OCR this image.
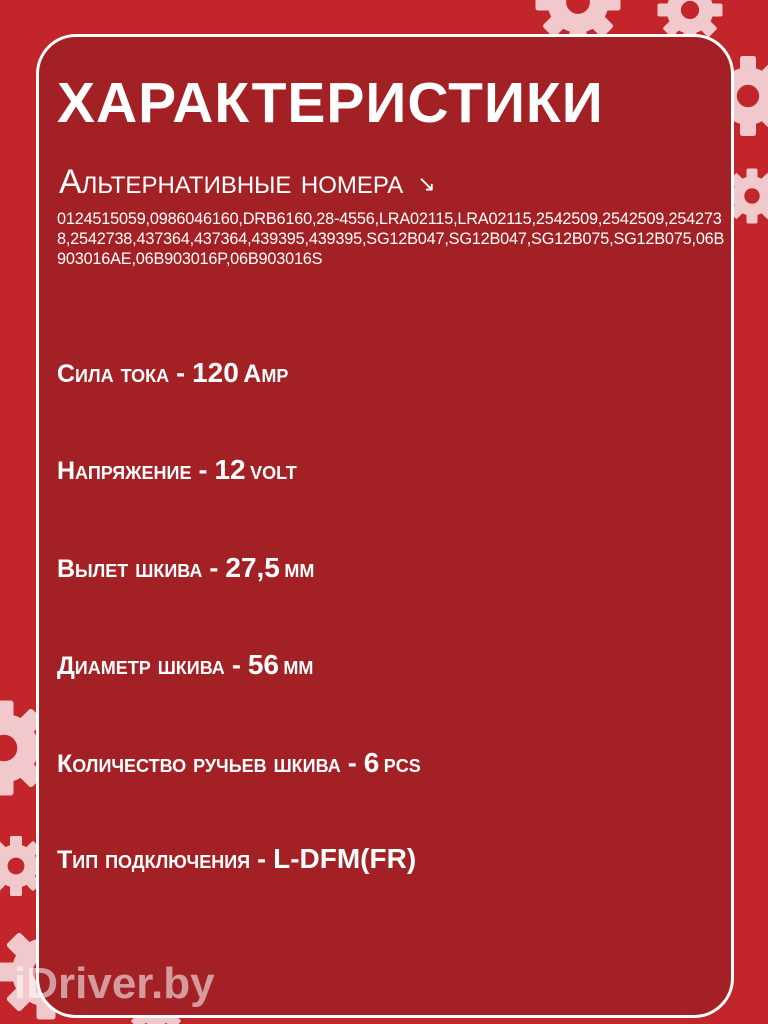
ХАРАКТЕРИСТИКИ
Альтернативные номера ↘
0124515059,0986046160,DRB6160,28-4556,LRA02115,LRA02115,2542509,2542509,2542738,2542738,437364,437364,439395,439395,SG12B047,SG12B047,SG12B075,SG12B075,06B903016AE,06B903016P,06B903016S
Сила тока - 120 Amp
Напряжение - 12 volt
Вылет шкива - 27,5 мм
Диаметр шкива - 56 мм
Количество ручьев шкива - 6 pcs
Тип подключения - L-DFM(FR)
iDriver.by
